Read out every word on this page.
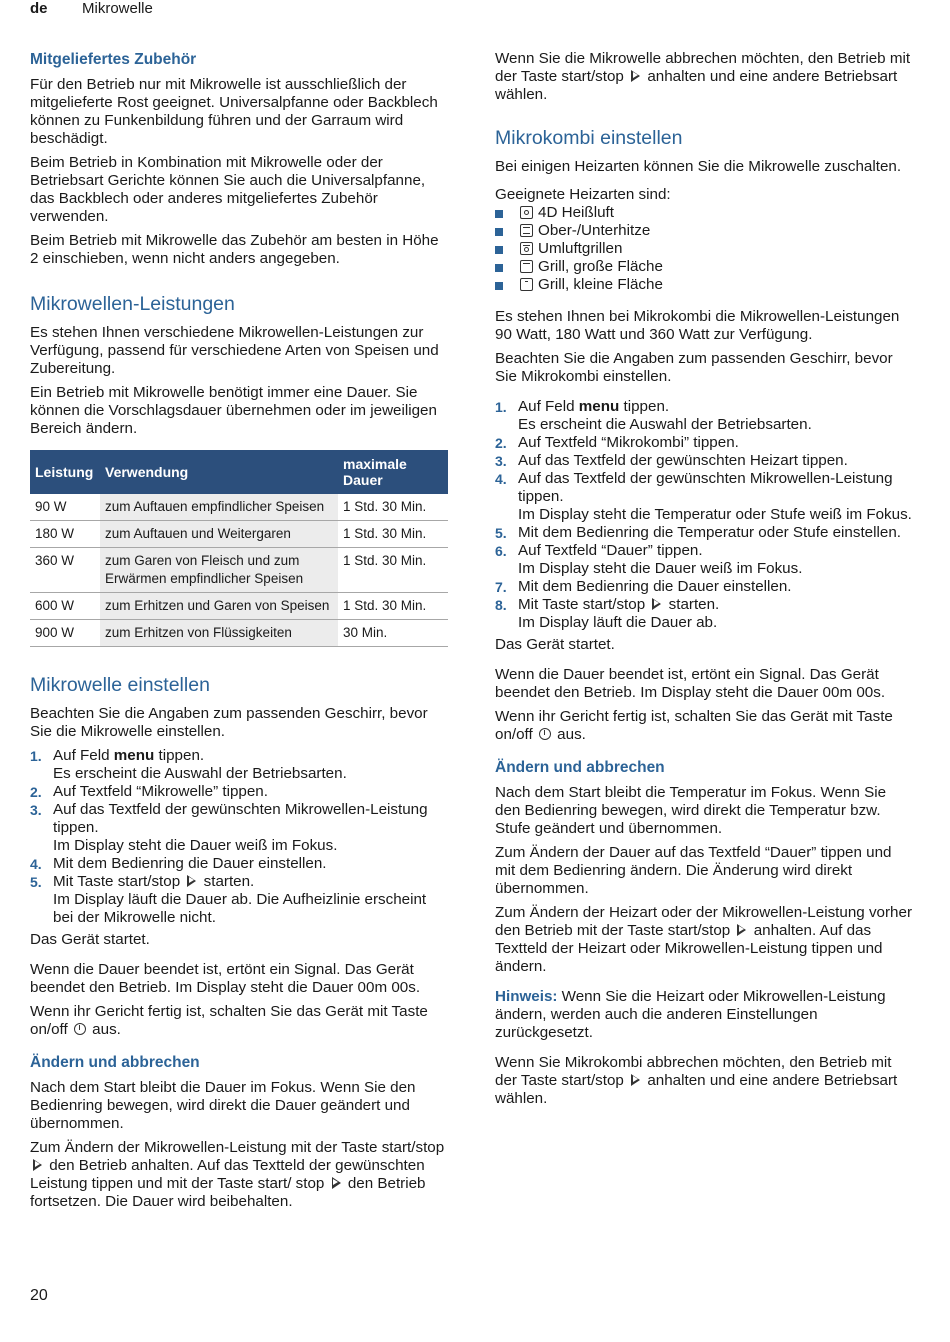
de Mikrowelle
Mitgeliefertes Zubehör

Für den Betrieb nur mit Mikrowelle ist ausschließlich der mitgelieferte Rost geeignet. Universalpfanne oder Backblech können zu Funkenbildung führen und der Garraum wird beschädigt.

Beim Betrieb in Kombination mit Mikrowelle oder der Betriebsart Gerichte können Sie auch die Universalpfanne, das Backblech oder anderes mitgeliefertes Zubehör verwenden.

Beim Betrieb mit Mikrowelle das Zubehör am besten in Höhe 2 einschieben, wenn nicht anders angegeben.

Mikrowellen-Leistungen

Es stehen Ihnen verschiedene Mikrowellen-Leistungen zur Verfügung, passend für verschiedene Arten von Speisen und Zubereitung.

Ein Betrieb mit Mikrowelle benötigt immer eine Dauer. Sie können die Vorschlagsdauer übernehmen oder im jeweiligen Bereich ändern.

Leistung	Verwendung	maximale Dauer
90 W	zum Auftauen empfindlicher Speisen	1 Std. 30 Min.
180 W	zum Auftauen und Weitergaren	1 Std. 30 Min.
360 W	zum Garen von Fleisch und zum Erwärmen empfindlicher Speisen	1 Std. 30 Min.
600 W	zum Erhitzen und Garen von Speisen	1 Std. 30 Min.
900 W	zum Erhitzen von Flüssigkeiten	30 Min.
Mikrowelle einstellen

Beachten Sie die Angaben zum passenden Geschirr, bevor Sie die Mikrowelle einstellen.

1. Auf Feld menu tippen.
Es erscheint die Auswahl der Betriebsarten.
2. Auf Textfeld “Mikrowelle” tippen.
3. Auf das Textfeld der gewünschten Mikrowellen-Leistung tippen.
Im Display steht die Dauer weiß im Fokus.
4. Mit dem Bedienring die Dauer einstellen.
5. Mit Taste start/stop  starten.
Im Display läuft die Dauer ab. Die Aufheizlinie erscheint bei der Mikrowelle nicht.

Das Gerät startet.

Wenn die Dauer beendet ist, ertönt ein Signal. Das Gerät beendet den Betrieb. Im Display steht die Dauer 00m 00s.

Wenn ihr Gericht fertig ist, schalten Sie das Gerät mit Taste on/off  aus.

Ändern und abbrechen

Nach dem Start bleibt die Dauer im Fokus. Wenn Sie den Bedienring bewegen, wird direkt die Dauer geändert und übernommen.

Zum Ändern der Mikrowellen-Leistung mit der Taste start/stop  den Betrieb anhalten. Auf das Textteld der gewünschten Leistung tippen und mit der Taste start/ stop  den Betrieb fortsetzen. Die Dauer wird beibehalten.

Wenn Sie die Mikrowelle abbrechen möchten, den Betrieb mit der Taste start/stop  anhalten und eine andere Betriebsart wählen.

Mikrokombi einstellen

Bei einigen Heizarten können Sie die Mikrowelle zuschalten.

Geeignete Heizarten sind:

4D Heißluft
Ober-/Unterhitze
Umluftgrillen
Grill, große Fläche
Grill, kleine Fläche

Es stehen Ihnen bei Mikrokombi die Mikrowellen-Leistungen 90 Watt, 180 Watt und 360 Watt zur Verfügung.

Beachten Sie die Angaben zum passenden Geschirr, bevor Sie Mikrokombi einstellen.

1. Auf Feld menu tippen.
Es erscheint die Auswahl der Betriebsarten.
2. Auf Textfeld “Mikrokombi” tippen.
3. Auf das Textfeld der gewünschten Heizart tippen.
4. Auf das Textfeld der gewünschten Mikrowellen-Leistung tippen.
Im Display steht die Temperatur oder Stufe weiß im Fokus.
5. Mit dem Bedienring die Temperatur oder Stufe einstellen.
6. Auf Textfeld “Dauer” tippen.
Im Display steht die Dauer weiß im Fokus.
7. Mit dem Bedienring die Dauer einstellen.
8. Mit Taste start/stop  starten.
Im Display läuft die Dauer ab.

Das Gerät startet.

Wenn die Dauer beendet ist, ertönt ein Signal. Das Gerät beendet den Betrieb. Im Display steht die Dauer 00m 00s.

Wenn ihr Gericht fertig ist, schalten Sie das Gerät mit Taste on/off  aus.

Ändern und abbrechen

Nach dem Start bleibt die Temperatur im Fokus. Wenn Sie den Bedienring bewegen, wird direkt die Temperatur bzw. Stufe geändert und übernommen.

Zum Ändern der Dauer auf das Textfeld “Dauer” tippen und mit dem Bedienring ändern. Die Änderung wird direkt übernommen.

Zum Ändern der Heizart oder der Mikrowellen-Leistung vorher den Betrieb mit der Taste start/stop  anhalten. Auf das Textteld der Heizart oder Mikrowellen-Leistung tippen und ändern.

Hinweis: Wenn Sie die Heizart oder Mikrowellen-Leistung ändern, werden auch die anderen Einstellungen zurückgesetzt.

Wenn Sie Mikrokombi abbrechen möchten, den Betrieb mit der Taste start/stop  anhalten und eine andere Betriebsart wählen.

20
